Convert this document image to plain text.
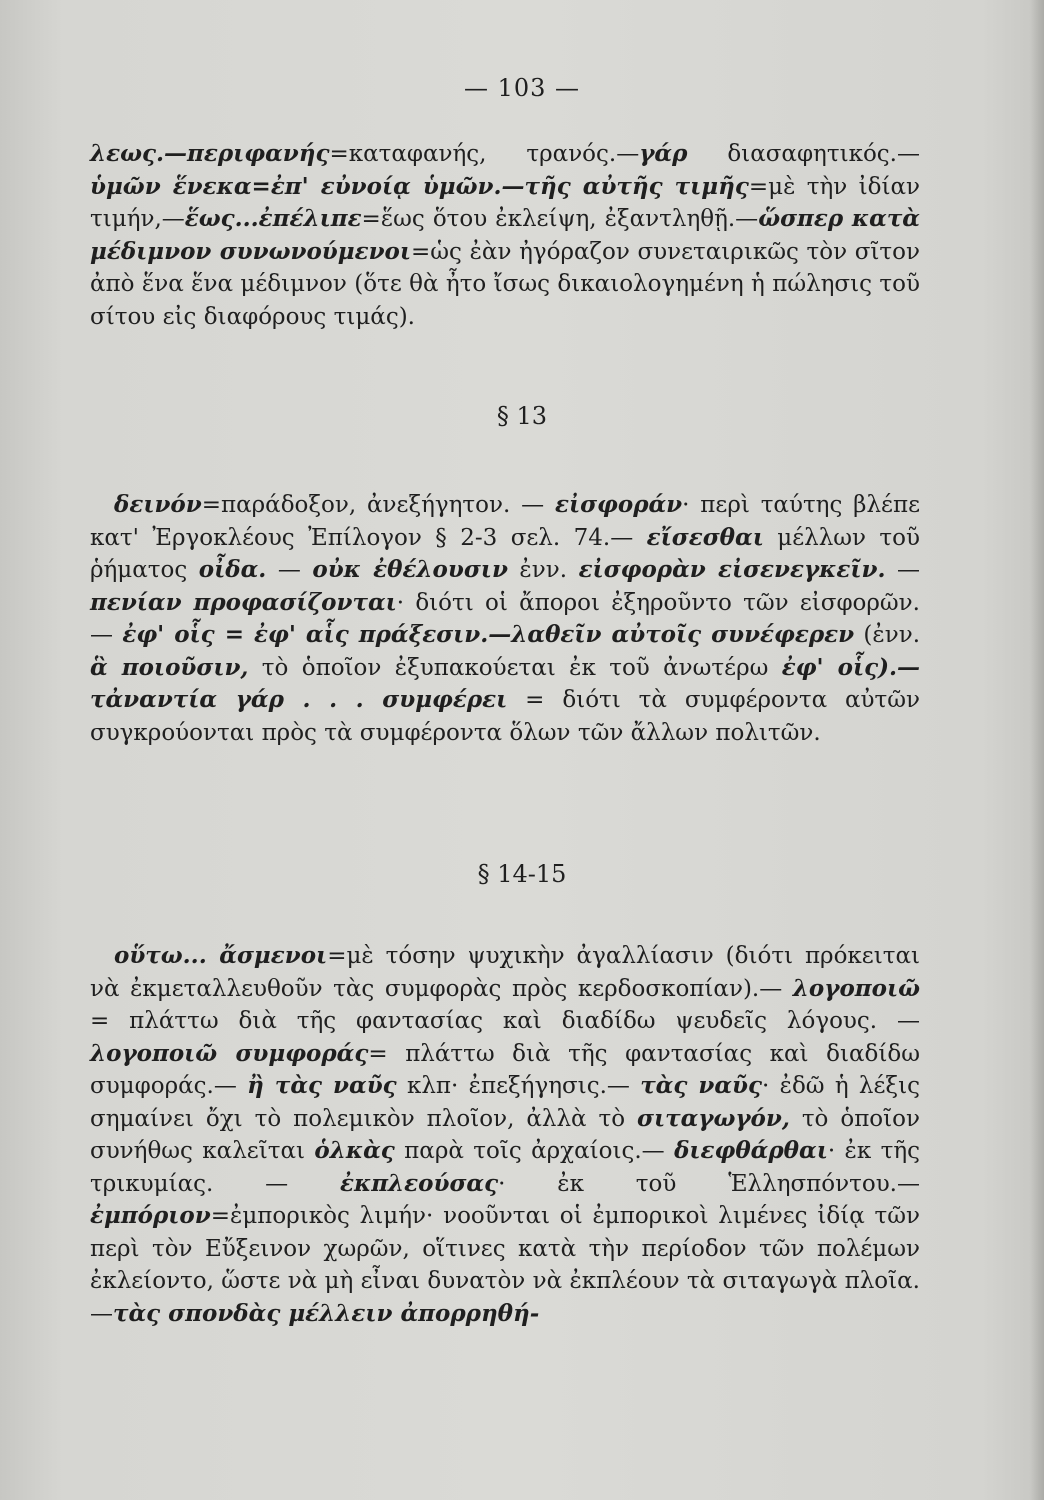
— 103 —

λεως.—περιφανής=καταφανής, τρανός.—γάρ διασαφητικός.—ὑμῶν ἕνεκα=ἐπ' εὐνοίᾳ ὑμῶν.—τῆς αὐτῆς τιμῆς=μὲ τὴν ἰδίαν τιμήν,—ἕως...ἐπέλιπε=ἕως ὅτου ἐκλείψη, ἐξαντληθῇ.—ὥσπερ κατὰ μέδιμνον συνωνούμενοι=ὡς ἐὰν ἠγόραζον συνεταιρικῶς τὸν σῖτον ἀπὸ ἕνα ἕνα μέδιμνον (ὅτε θὰ ἦτο ἴσως δικαιολογημένη ἡ πώλησις τοῦ σίτου εἰς διαφόρους τιμάς).

§ 13

δεινόν=παράδοξον, ἀνεξήγητον. — εἰσφοράν· περὶ ταύτης βλέπε κατ' Ἐργοκλέους Ἐπίλογον § 2-3 σελ. 74.— εἴσεσθαι μέλλων τοῦ ῥήματος οἶδα. — οὐκ ἐθέλουσιν ἐνν. εἰσφορὰν εἰσενεγκεῖν. — πενίαν προφασίζονται· διότι οἱ ἄποροι ἐξηροῦντο τῶν εἰσφορῶν. — ἐφ' οἷς = ἐφ' αἷς πράξεσιν.—λαθεῖν αὐτοῖς συνέφερεν (ἐνν. ἃ ποιοῦσιν, τὸ ὁποῖον ἐξυπακούεται ἐκ τοῦ ἀνωτέρω ἐφ' οἷς).— τἀναντία γάρ . . . συμφέρει = διότι τὰ συμφέροντα αὐτῶν συγκρούονται πρὸς τὰ συμφέροντα ὅλων τῶν ἄλλων πολιτῶν.

§ 14-15

οὕτω... ἄσμενοι=μὲ τόσην ψυχικὴν ἀγαλλίασιν (διότι πρόκειται νὰ ἐκμεταλλευθοῦν τὰς συμφορὰς πρὸς κερδοσκοπίαν).— λογοποιῶ = πλάττω διὰ τῆς φαντασίας καὶ διαδίδω ψευδεῖς λόγους. — λογοποιῶ συμφοράς= πλάττω διὰ τῆς φαντασίας καὶ διαδίδω συμφοράς.— ἢ τὰς ναῦς κλπ· ἐπεξήγησις.— τὰς ναῦς· ἐδῶ ἡ λέξις σημαίνει ὄχι τὸ πολεμικὸν πλοῖον, ἀλλὰ τὸ σιταγωγόν, τὸ ὁποῖον συνήθως καλεῖται ὁλκὰς παρὰ τοῖς ἀρχαίοις.— διεφθάρθαι· ἐκ τῆς τρικυμίας. — ἐκπλεούσας· ἐκ τοῦ Ἑλλησπόντου.—ἐμπόριον=ἐμπορικὸς λιμήν· νοοῦνται οἱ ἐμπορικοὶ λιμένες ἰδίᾳ τῶν περὶ τὸν Εὔξεινον χωρῶν, οἵτινες κατὰ τὴν περίοδον τῶν πολέμων ἐκλείοντο, ὥστε νὰ μὴ εἶναι δυνατὸν νὰ ἐκπλέουν τὰ σιταγωγὰ πλοῖα.—τὰς σπονδὰς μέλλειν ἀπορρηθή-
